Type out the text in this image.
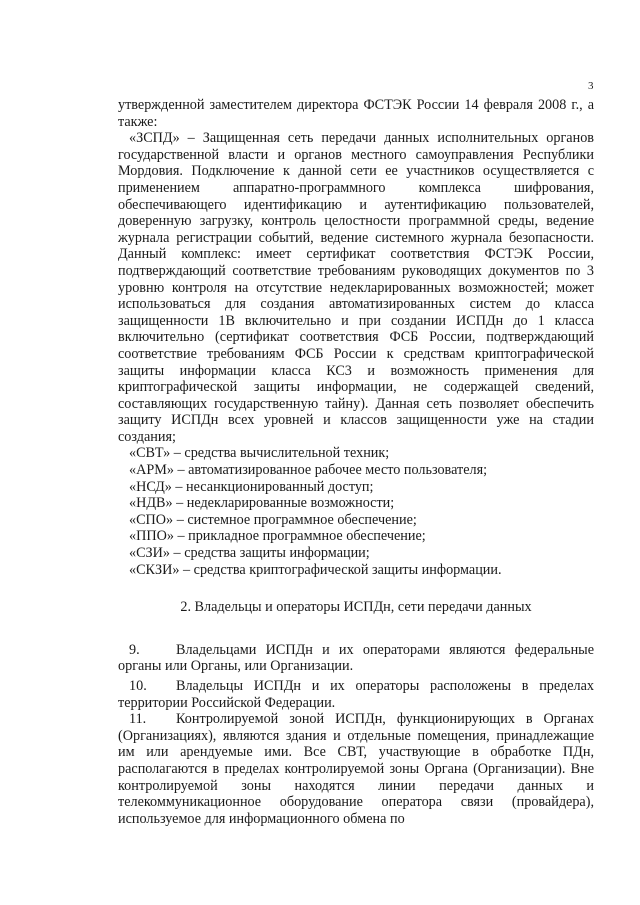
3

утвержденной заместителем директора ФСТЭК России 14 февраля 2008 г., а также:

«ЗСПД» – Защищенная сеть передачи данных исполнительных органов государственной власти и органов местного самоуправления Республики Мордовия. Подключение к данной сети ее участников осуществляется с применением аппаратно-программного комплекса шифрования, обеспечивающего идентификацию и аутентификацию пользователей, доверенную загрузку, контроль целостности программной среды, ведение журнала регистрации событий, ведение системного журнала безопасности. Данный комплекс: имеет сертификат соответствия ФСТЭК России, подтверждающий соответствие требованиям руководящих документов по 3 уровню контроля на отсутствие недекларированных возможностей; может использоваться для создания автоматизированных систем до класса защищенности 1В включительно и при создании ИСПДн до 1 класса включительно (сертификат соответствия ФСБ России, подтверждающий соответствие требованиям ФСБ России к средствам криптографической защиты информации класса КС3 и возможность применения для криптографической защиты информации, не содержащей сведений, составляющих государственную тайну). Данная сеть позволяет обеспечить защиту ИСПДн всех уровней и классов защищенности уже на стадии создания;

«СВТ» – средства вычислительной техник;

«АРМ» – автоматизированное рабочее место пользователя;

«НСД» – несанкционированный доступ;

«НДВ» – недекларированные возможности;

«СПО» – системное программное обеспечение;

«ППО» – прикладное программное обеспечение;

«СЗИ» – средства защиты информации;

«СКЗИ» – средства криптографической защиты информации.

2. Владельцы и операторы ИСПДн, сети передачи данных

9.	Владельцами ИСПДн и их операторами являются федеральные органы или Органы, или Организации.

10. Владельцы ИСПДн и их операторы расположены в пределах территории Российской Федерации.

11. Контролируемой зоной ИСПДн, функционирующих в Органах (Организациях), являются здания и отдельные помещения, принадлежащие им или арендуемые ими. Все СВТ, участвующие в обработке ПДн, располагаются в пределах контролируемой зоны Органа (Организации). Вне контролируемой зоны находятся линии передачи данных и телекоммуникационное оборудование оператора связи (провайдера), используемое для информационного обмена по
